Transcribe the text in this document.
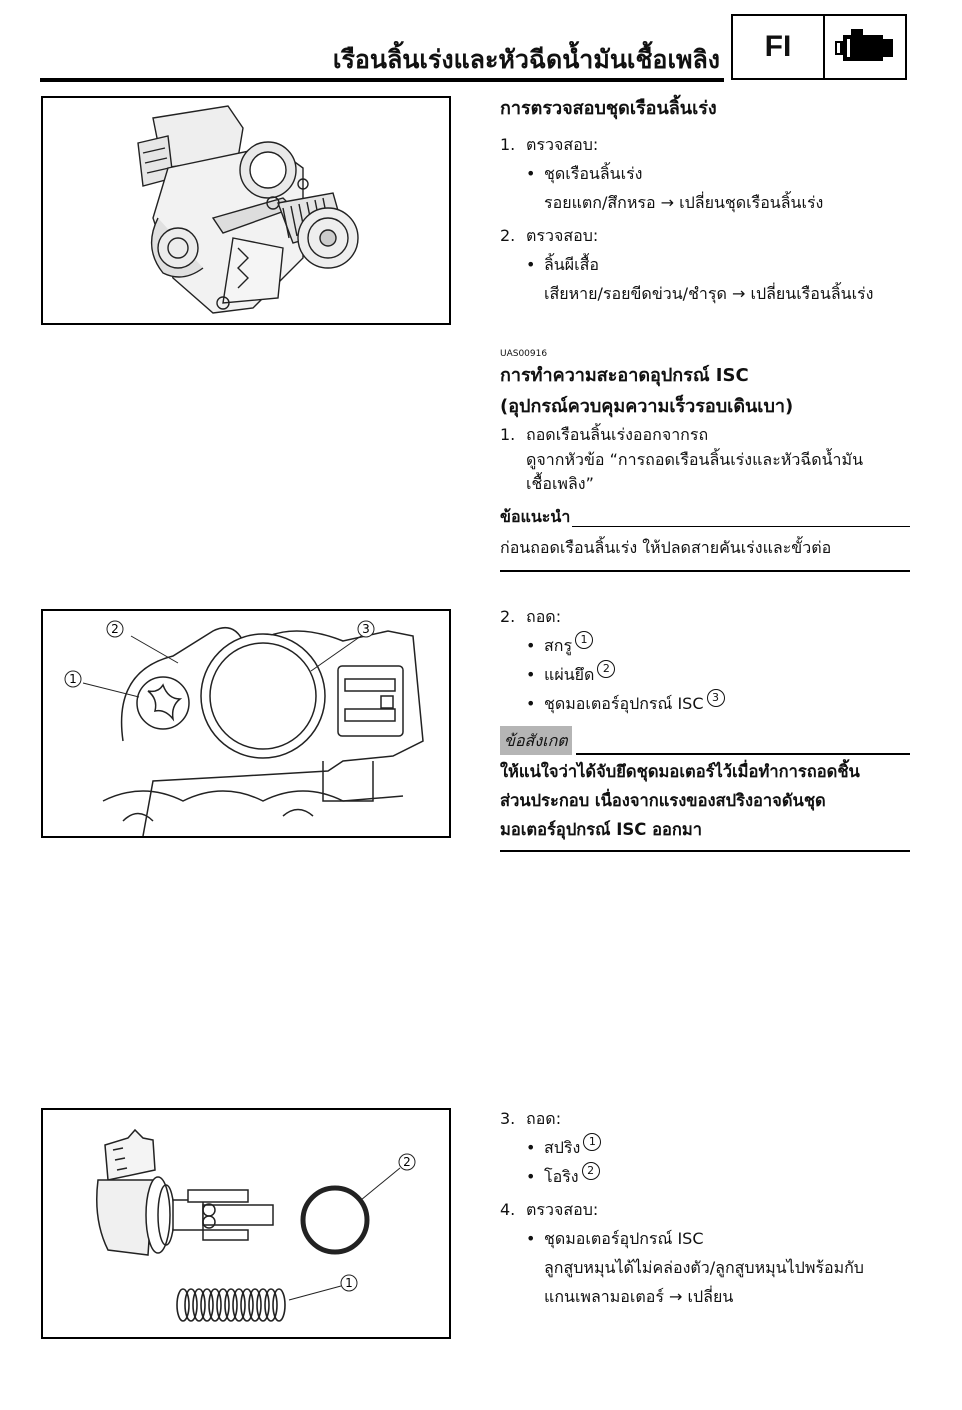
เรือนลิ้นเร่งและหัวฉีดน้ำมันเชื้อเพลิง	FI
การตรวจสอบชุดเรือนลิ้นเร่ง
1. ตรวจสอบ:
• ชุดเรือนลิ้นเร่ง
รอยแตก/สึกหรอ → เปลี่ยนชุดเรือนลิ้นเร่ง
2. ตรวจสอบ:
• ลิ้นผีเสื้อ
เสียหาย/รอยขีดข่วน/ชำรุด → เปลี่ยนเรือนลิ้นเร่ง
UAS00916
การทำความสะอาดอุปกรณ์ ISC
(อุปกรณ์ควบคุมความเร็วรอบเดินเบา)
1. ถอดเรือนลิ้นเร่งออกจากรถ
ดูจากหัวข้อ “การถอดเรือนลิ้นเร่งและหัวฉีดน้ำมัน
เชื้อเพลิง”
ข้อแนะนำ
ก่อนถอดเรือนลิ้นเร่ง ให้ปลดสายคันเร่งและขั้วต่อ
2	3
1
2. ถอด:
• สกรู 1
• แผ่นยึด 2
• ชุดมอเตอร์อุปกรณ์ ISC 3
ข้อสังเกต
ให้แน่ใจว่าได้จับยึดชุดมอเตอร์ไว้เมื่อทำการถอดชิ้น
ส่วนประกอบ เนื่องจากแรงของสปริงอาจดันชุด
มอเตอร์อุปกรณ์ ISC ออกมา
2
1
3. ถอด:
• สปริง 1
• โอริง 2
4. ตรวจสอบ:
• ชุดมอเตอร์อุปกรณ์ ISC
ลูกสูบหมุนได้ไม่คล่องตัว/ลูกสูบหมุนไปพร้อมกับ
แกนเพลามอเตอร์ → เปลี่ยน
